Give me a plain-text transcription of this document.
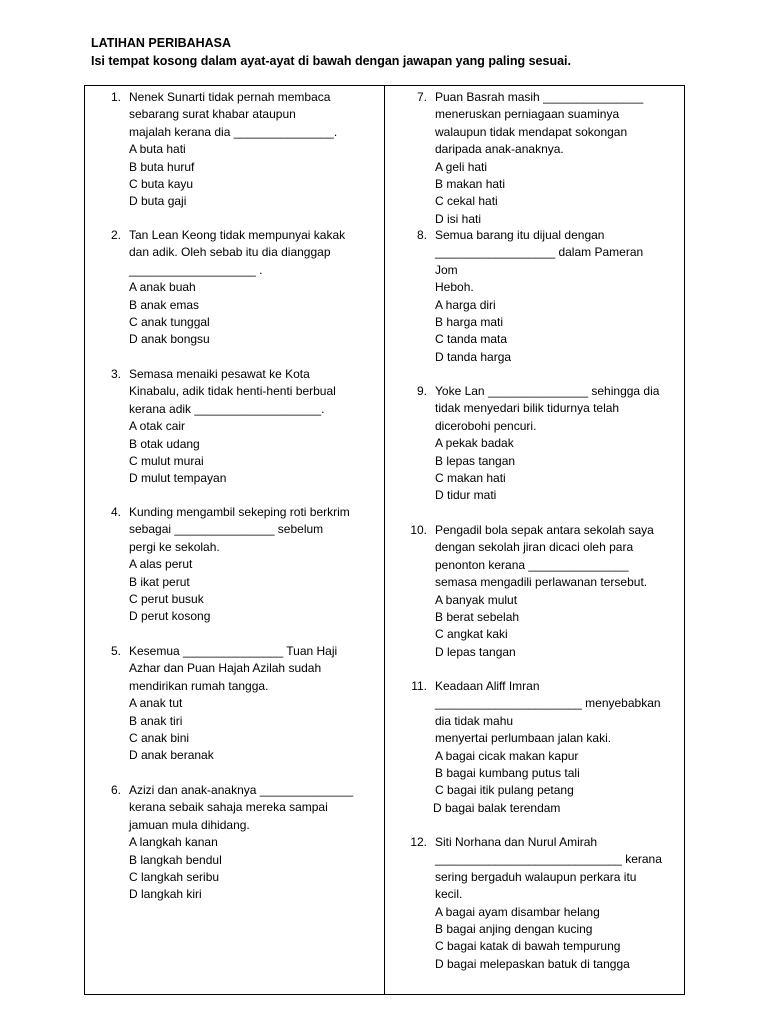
LATIHAN PERIBAHASA
Isi tempat kosong dalam ayat-ayat di bawah dengan jawapan yang paling sesuai.
1. Nenek Sunarti tidak pernah membaca
sebarang surat khabar ataupun
majalah kerana dia _______________.
A buta hati
B buta huruf
C buta kayu
D buta gaji
2. Tan Lean Keong tidak mempunyai kakak
dan adik. Oleh sebab itu dia dianggap
___________________ .
A anak buah
B anak emas
C anak tunggal
D anak bongsu
3. Semasa menaiki pesawat ke Kota
Kinabalu, adik tidak henti-henti berbual
kerana adik ___________________.
A otak cair
B otak udang
C mulut murai
D mulut tempayan
4. Kunding mengambil sekeping roti berkrim
sebagai _______________ sebelum
pergi ke sekolah.
A alas perut
B ikat perut
C perut busuk
D perut kosong
5. Kesemua _______________ Tuan Haji
Azhar dan Puan Hajah Azilah sudah
mendirikan rumah tangga.
A anak tut
B anak tiri
C anak bini
D anak beranak
6. Azizi dan anak-anaknya ______________
kerana sebaik sahaja mereka sampai
jamuan mula dihidang.
A langkah kanan
B langkah bendul
C langkah seribu
D langkah kiri
7. Puan Basrah masih _______________
meneruskan perniagaan suaminya
walaupun tidak mendapat sokongan
daripada anak-anaknya.
A geli hati
B makan hati
C cekal hati
D isi hati
8. Semua barang itu dijual dengan
__________________ dalam Pameran
Jom
Heboh.
A harga diri
B harga mati
C tanda mata
D tanda harga
9. Yoke Lan _______________ sehingga dia
tidak menyedari bilik tidurnya telah
dicerobohi pencuri.
A pekak badak
B lepas tangan
C makan hati
D tidur mati
10. Pengadil bola sepak antara sekolah saya
dengan sekolah jiran dicaci oleh para
penonton kerana _______________
semasa mengadili perlawanan tersebut.
A banyak mulut
B berat sebelah
C angkat kaki
D lepas tangan
11. Keadaan Aliff Imran
______________________ menyebabkan
dia tidak mahu
menyertai perlumbaan jalan kaki.
A bagai cicak makan kapur
B bagai kumbang putus tali
C bagai itik pulang petang
D bagai balak terendam
12. Siti Norhana dan Nurul Amirah
____________________________ kerana
sering bergaduh walaupun perkara itu
kecil.
A bagai ayam disambar helang
B bagai anjing dengan kucing
C bagai katak di bawah tempurung
D bagai melepaskan batuk di tangga
